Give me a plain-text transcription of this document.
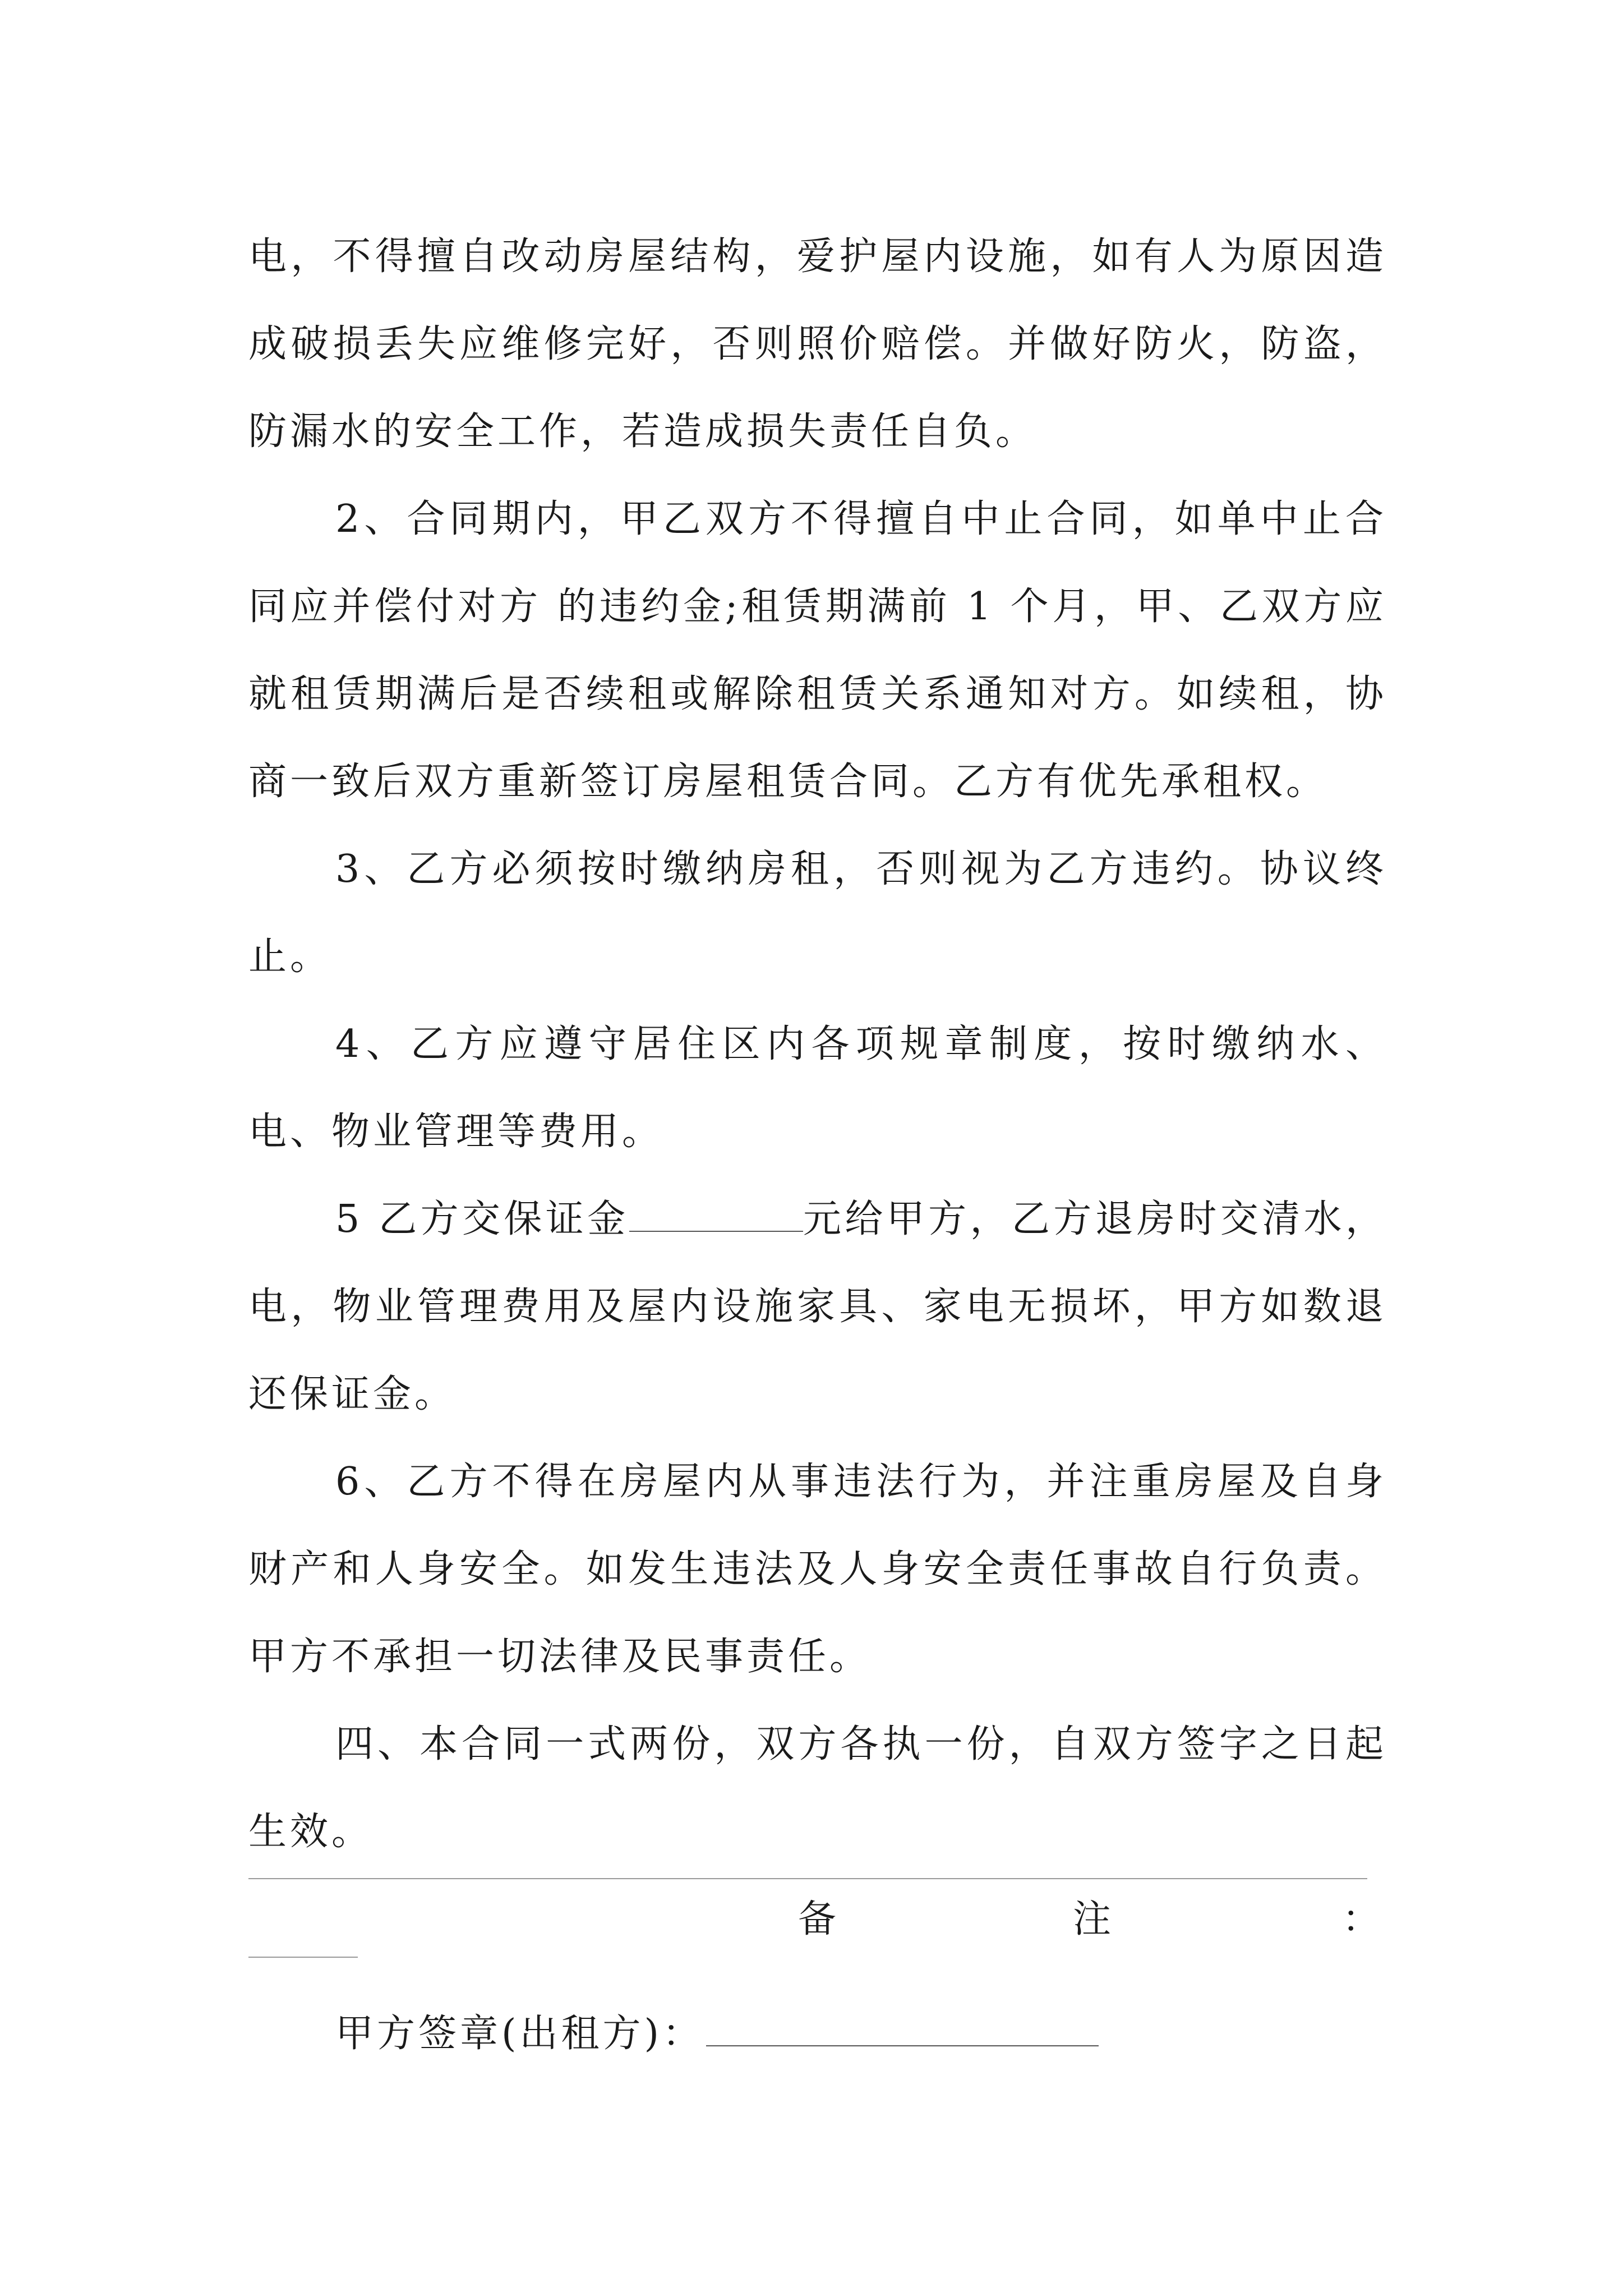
电，不得擅自改动房屋结构，爱护屋内设施，如有人为原因造成破损丢失应维修完好，否则照价赔偿。并做好防火，防盗，防漏水的安全工作，若造成损失责任自负。

2、合同期内，甲乙双方不得擅自中止合同，如单中止合同应并偿付对方 的违约金;租赁期满前 1 个月，甲、乙双方应就租赁期满后是否续租或解除租赁关系通知对方。如续租，协商一致后双方重新签订房屋租赁合同。乙方有优先承租权。

3、乙方必须按时缴纳房租，否则视为乙方违约。协议终止。

4、乙方应遵守居住区内各项规章制度，按时缴纳水、电、物业管理等费用。

5 乙方交保证金	元给甲方，乙方退房时交清水，电，物业管理费用及屋内设施家具、家电无损坏，甲方如数退还保证金。

6、乙方不得在房屋内从事违法行为，并注重房屋及自身财产和人身安全。如发生违法及人身安全责任事故自行负责。甲方不承担一切法律及民事责任。

四、本合同一式两份，双方各执一份，自双方签字之日起生效。

备	注	：
甲方签章(出租方)：
